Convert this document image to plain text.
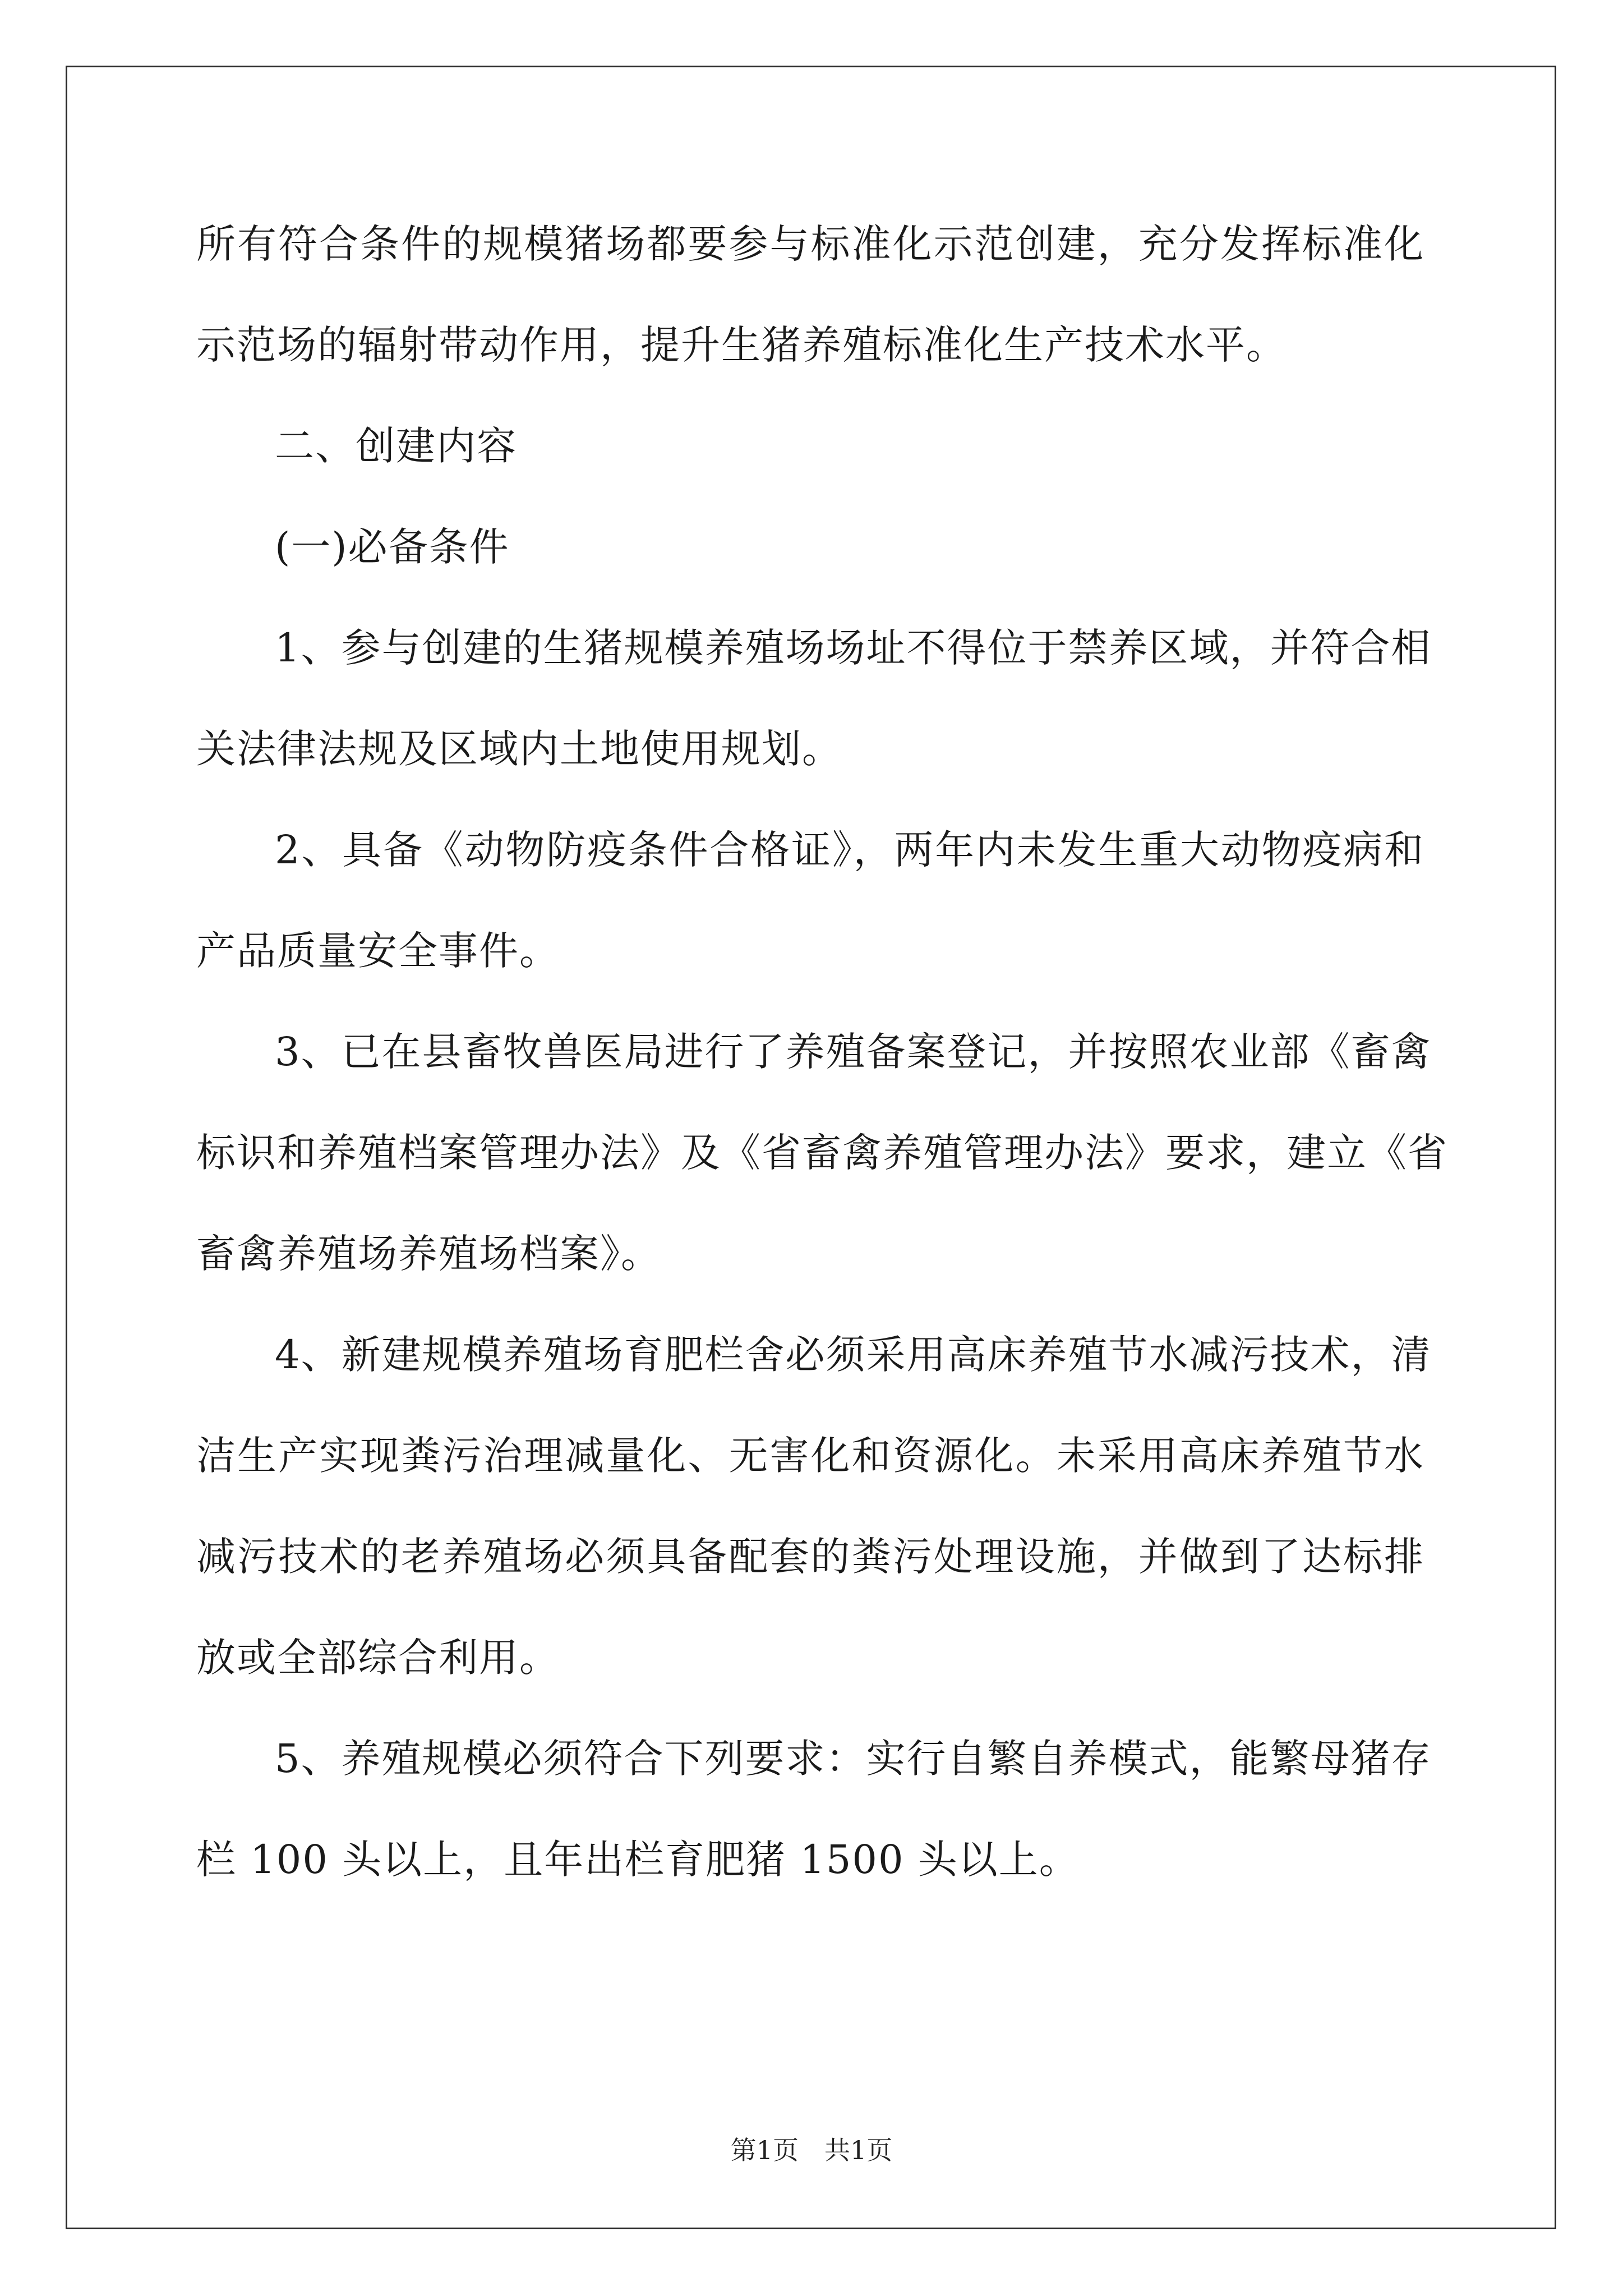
所有符合条件的规模猪场都要参与标准化示范创建，充分发挥标准化
示范场的辐射带动作用，提升生猪养殖标准化生产技术水平。
二、创建内容
(一)必备条件
1、参与创建的生猪规模养殖场场址不得位于禁养区域，并符合相
关法律法规及区域内土地使用规划。
2、具备《动物防疫条件合格证》，两年内未发生重大动物疫病和
产品质量安全事件。
3、已在县畜牧兽医局进行了养殖备案登记，并按照农业部《畜禽
标识和养殖档案管理办法》及《省畜禽养殖管理办法》要求，建立《省
畜禽养殖场养殖场档案》。
4、新建规模养殖场育肥栏舍必须采用高床养殖节水减污技术，清
洁生产实现粪污治理减量化、无害化和资源化。未采用高床养殖节水
减污技术的老养殖场必须具备配套的粪污处理设施，并做到了达标排
放或全部综合利用。
5、养殖规模必须符合下列要求：实行自繁自养模式，能繁母猪存
栏 100 头以上，且年出栏育肥猪 1500 头以上。
第1页　共1页
